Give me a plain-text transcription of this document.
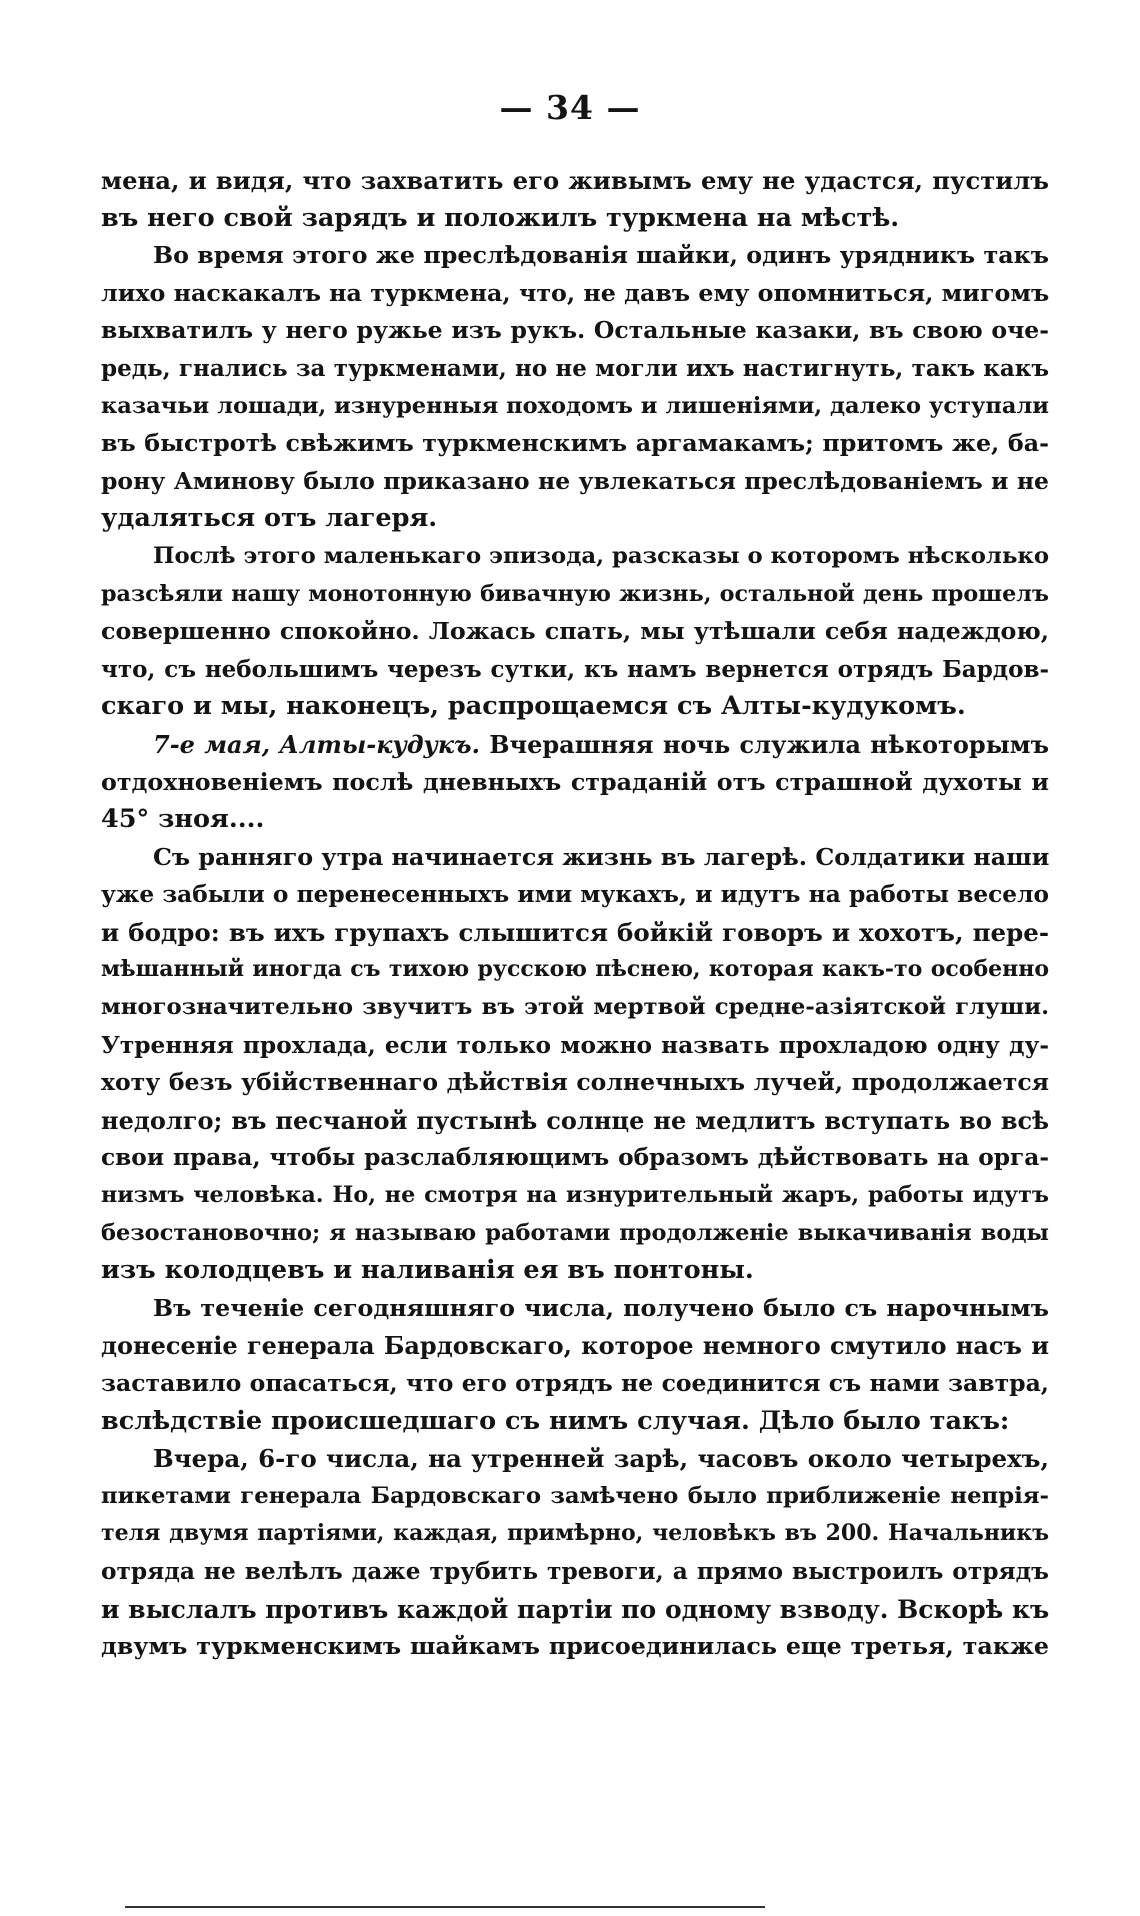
— 34 —
мена, и видя, что захватить его живымъ ему не удастся, пустилъ
въ него свой зарядъ и положилъ туркмена на мѣстѣ.
Во время этого же преслѣдованія шайки, одинъ урядникъ такъ
лихо наскакалъ на туркмена, что, не давъ ему опомниться, мигомъ
выхватилъ у него ружье изъ рукъ. Остальные казаки, въ свою оче-
редь, гнались за туркменами, но не могли ихъ настигнуть, такъ какъ
казачьи лошади, изнуренныя походомъ и лишеніями, далеко уступали
въ быстротѣ свѣжимъ туркменскимъ аргамакамъ; притомъ же, ба-
рону Аминову было приказано не увлекаться преслѣдованіемъ и не
удаляться отъ лагеря.
Послѣ этого маленькаго эпизода, разсказы о которомъ нѣсколько
разсѣяли нашу монотонную бивачную жизнь, остальной день прошелъ
совершенно спокойно. Ложась спать, мы утѣшали себя надеждою,
что, съ небольшимъ черезъ сутки, къ намъ вернется отрядъ Бардов-
скаго и мы, наконецъ, распрощаемся съ Алты-кудукомъ.
7-е мая, Алты-кудукъ. Вчерашняя ночь служила нѣкоторымъ
отдохновеніемъ послѣ дневныхъ страданій отъ страшной духоты и
45° зноя....
Съ ранняго утра начинается жизнь въ лагерѣ. Солдатики наши
уже забыли о перенесенныхъ ими мукахъ, и идутъ на работы весело
и бодро: въ ихъ групахъ слышится бойкій говоръ и хохотъ, пере-
мѣшанный иногда съ тихою русскою пѣснею, которая какъ-то особенно
многозначительно звучитъ въ этой мертвой средне-азіятской глуши.
Утренняя прохлада, если только можно назвать прохладою одну ду-
хоту безъ убійственнаго дѣйствія солнечныхъ лучей, продолжается
недолго; въ песчаной пустынѣ солнце не медлитъ вступать во всѣ
свои права, чтобы разслабляющимъ образомъ дѣйствовать на орга-
низмъ человѣка. Но, не смотря на изнурительный жаръ, работы идутъ
безостановочно; я называю работами продолженіе выкачиванія воды
изъ колодцевъ и наливанія ея въ понтоны.
Въ теченіе сегодняшняго числа, получено было съ нарочнымъ
донесеніе генерала Бардовскаго, которое немного смутило насъ и
заставило опасаться, что его отрядъ не соединится съ нами завтра,
вслѣдствіе происшедшаго съ нимъ случая. Дѣло было такъ:
Вчера, 6-го числа, на утренней зарѣ, часовъ около четырехъ,
пикетами генерала Бардовскаго замѣчено было приближеніе непрія-
теля двумя партіями, каждая, примѣрно, человѣкъ въ 200. Начальникъ
отряда не велѣлъ даже трубить тревоги, а прямо выстроилъ отрядъ
и выслалъ противъ каждой партіи по одному взводу. Вскорѣ къ
двумъ туркменскимъ шайкамъ присоединилась еще третья, также
